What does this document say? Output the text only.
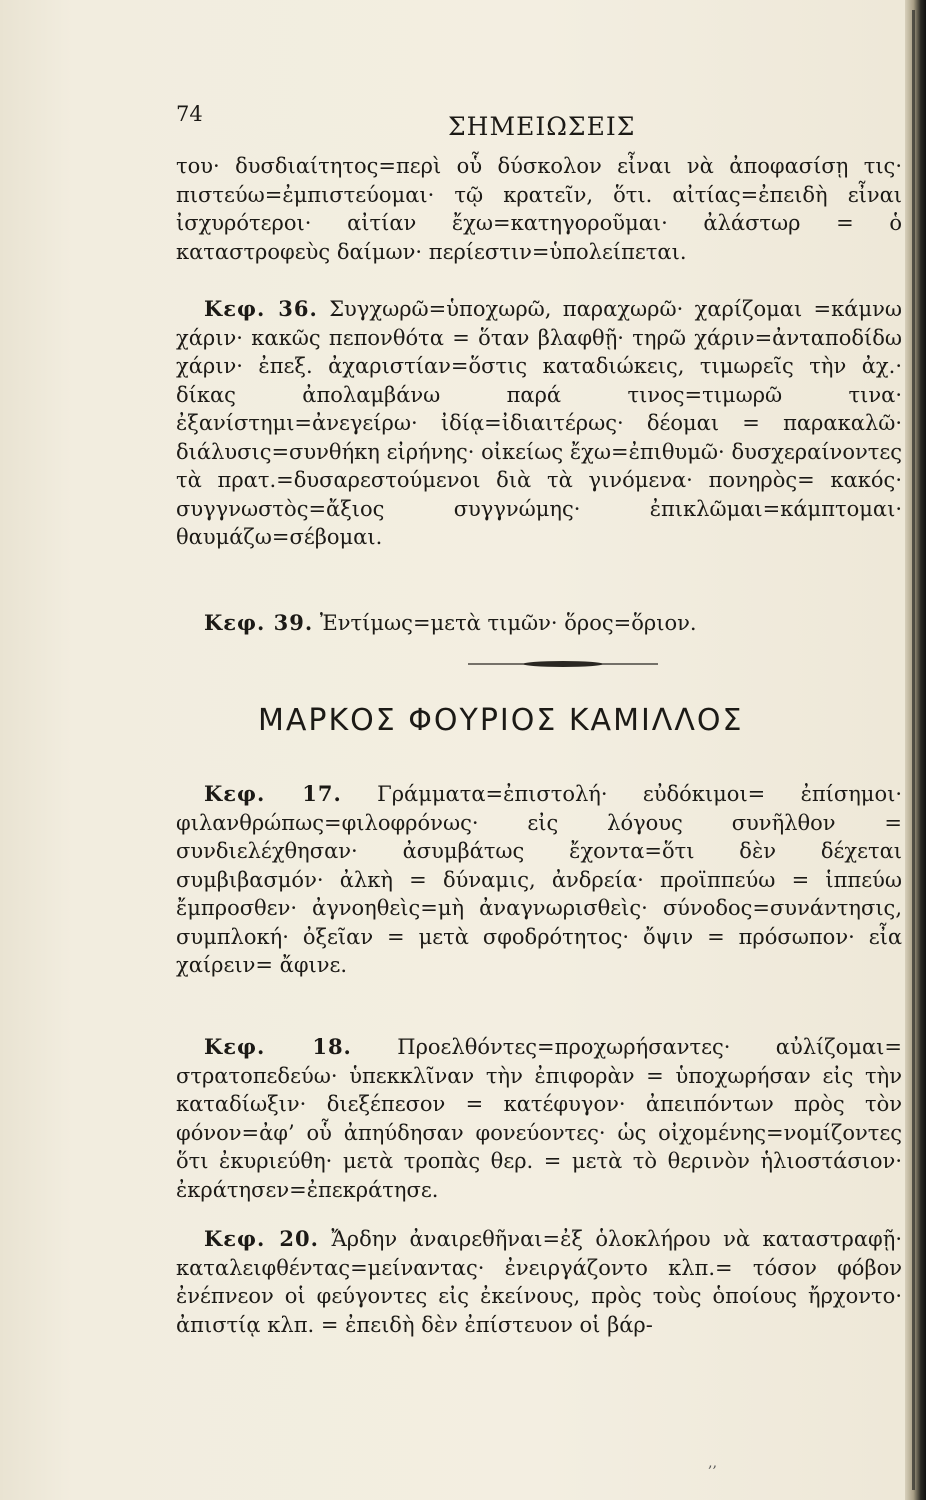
74	ΣΗΜΕΙΩΣΕΙΣ

του· δυσδιαίτητος=περὶ οὗ δύσκολον εἶναι νὰ ἀποφασίσῃ τις· πιστεύω=ἐμπιστεύομαι· τῷ κρατεῖν, ὅτι. αἰτίας=ἐπειδὴ εἶναι ἰσχυρότεροι· αἰτίαν ἔχω=κατηγοροῦμαι· ἀλάστωρ = ὁ καταστροφεὺς δαίμων· περίεστιν=ὑπολείπεται.

Κεφ. 36. Συγχωρῶ=ὑποχωρῶ, παραχωρῶ· χαρίζομαι =κάμνω χάριν· κακῶς πεπονθότα = ὅταν βλαφθῇ· τηρῶ χάριν=ἀνταποδίδω χάριν· ἐπεξ. ἀχαριστίαν=ὅστις καταδιώκεις, τιμωρεῖς τὴν ἀχ.· δίκας ἀπολαμβάνω παρά τινος=τιμωρῶ τινα· ἐξανίστημι=ἀνεγείρω· ἰδίᾳ=ἰδιαιτέρως· δέομαι = παρακαλῶ· διάλυσις=συνθήκη εἰρήνης· οἰκείως ἔχω=ἐπιθυμῶ· δυσχεραίνοντες τὰ πρατ.=δυσαρεστούμενοι διὰ τὰ γινόμενα· πονηρὸς= κακός· συγγνωστὸς=ἄξιος συγγνώμης· ἐπικλῶμαι=κάμπτομαι· θαυμάζω=σέβομαι.

Κεφ. 39. Ἐντίμως=μετὰ τιμῶν· ὅρος=ὅριον.

ΜΑΡΚΟΣ ΦΟΥΡΙΟΣ ΚΑΜΙΛΛΟΣ

Κεφ. 17. Γράμματα=ἐπιστολή· εὐδόκιμοι= ἐπίσημοι· φιλανθρώπως=φιλοφρόνως· εἰς λόγους συνῆλθον = συνδιελέχθησαν· ἀσυμβάτως ἔχοντα=ὅτι δὲν δέχεται συμβιβασμόν· ἀλκὴ = δύναμις, ἀνδρεία· προϊππεύω = ἱππεύω ἔμπροσθεν· ἀγνοηθεὶς=μὴ ἀναγνωρισθεὶς· σύνοδος=συνάντησις, συμπλοκή· ὀξεῖαν = μετὰ σφοδρότητος· ὄψιν = πρόσωπον· εἶα χαίρειν= ἄφινε.

Κεφ. 18. Προελθόντες=προχωρήσαντες· αὐλίζομαι= στρατοπεδεύω· ὑπεκκλῖναν τὴν ἐπιφορὰν = ὑποχωρήσαν εἰς τὴν καταδίωξιν· διεξέπεσον = κατέφυγον· ἀπειπόντων πρὸς τὸν φόνον=ἀφ’ οὗ ἀπηύδησαν φονεύοντες· ὡς οἰχομένης=νομίζοντες ὅτι ἐκυριεύθη· μετὰ τροπὰς θερ. = μετὰ τὸ θερινὸν ἡλιοστάσιον· ἐκράτησεν=ἐπεκράτησε.

Κεφ. 20. Ἄρδην ἀναιρεθῆναι=ἐξ ὁλοκλήρου νὰ καταστραφῇ· καταλειφθέντας=μείναντας· ἐνειργάζοντο κλπ.= τόσον φόβον ἐνέπνεον οἱ φεύγοντες εἰς ἐκείνους, πρὸς τοὺς ὁποίους ἤρχοντο· ἀπιστίᾳ κλπ. = ἐπειδὴ δὲν ἐπίστευον οἱ βάρ-

‚‚
